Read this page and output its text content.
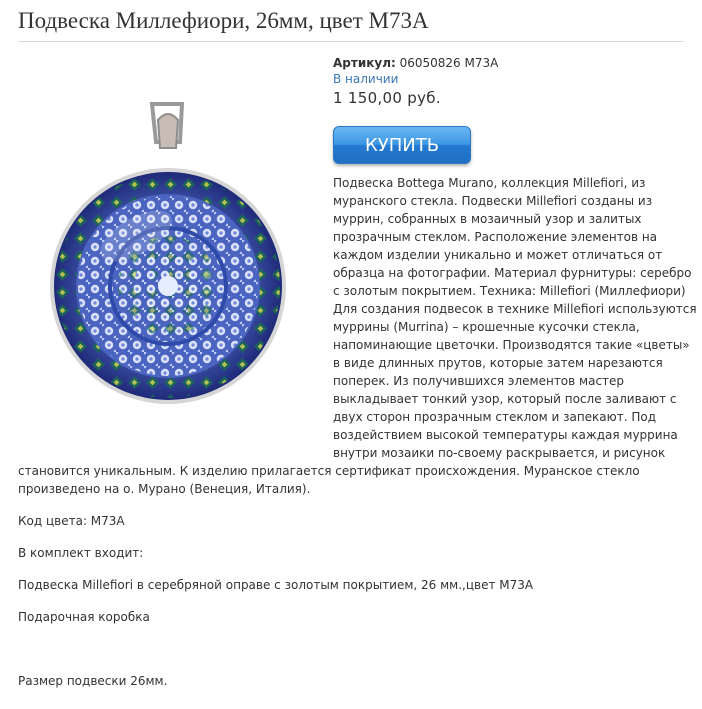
Подвеска Миллефиори, 26мм, цвет М73А
Артикул: 06050826 М73А
В наличии
1 150,00 руб.
КУПИТЬ

Подвеска Bottega Murano, коллекция Millefiori, из

муранского стекла. Подвески Millefiori созданы из

муррин, собранных в мозаичный узор и залитых

прозрачным стеклом. Расположение элементов на

каждом изделии уникально и может отличаться от

образца на фотографии. Материал фурнитуры: серебро

с золотым покрытием. Техника: Millefiori (Миллефиори)

Для создания подвесок в технике Millefiori используются

муррины (Murrina) – крошечные кусочки стекла,

напоминающие цветочки. Производятся такие «цветы»

в виде длинных прутов, которые затем нарезаются

поперек. Из получившихся элементов мастер

выкладывает тонкий узор, который после заливают с

двух сторон прозрачным стеклом и запекают. Под

воздействием высокой температуры каждая муррина

внутри мозаики по-своему раскрывается, и рисунок

становится уникальным. К изделию прилагается сертификат происхождения. Муранское стекло

произведено на о. Мурано (Венеция, Италия).

Код цвета: М73А

В комплект входит:

Подвеска Millefiori в серебряной оправе с золотым покрытием, 26 мм.,цвет М73А

Подарочная коробка

Размер подвески 26мм.
